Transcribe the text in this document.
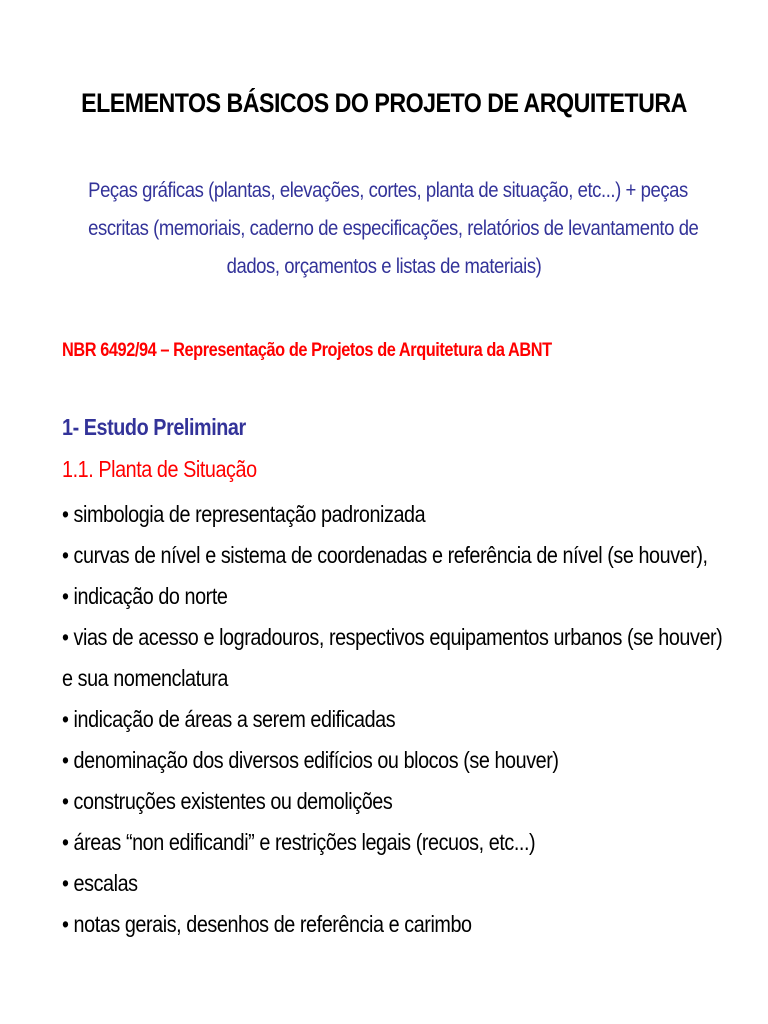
ELEMENTOS BÁSICOS DO PROJETO DE ARQUITETURA
Peças gráficas (plantas, elevações, cortes, planta de situação, etc...) + peças
escritas (memoriais, caderno de especificações, relatórios de levantamento de
dados, orçamentos e listas de materiais)
NBR 6492/94 – Representação de Projetos de Arquitetura da ABNT
1- Estudo Preliminar
1.1. Planta de Situação
• simbologia de representação padronizada
• curvas de nível e sistema de coordenadas e referência de nível (se houver),
• indicação do norte
• vias de acesso e logradouros, respectivos equipamentos urbanos (se houver)
e sua nomenclatura
• indicação de áreas a serem edificadas
• denominação dos diversos edifícios ou blocos (se houver)
• construções existentes ou demolições
• áreas “non edificandi” e restrições legais (recuos, etc...)
• escalas
• notas gerais, desenhos de referência e carimbo
